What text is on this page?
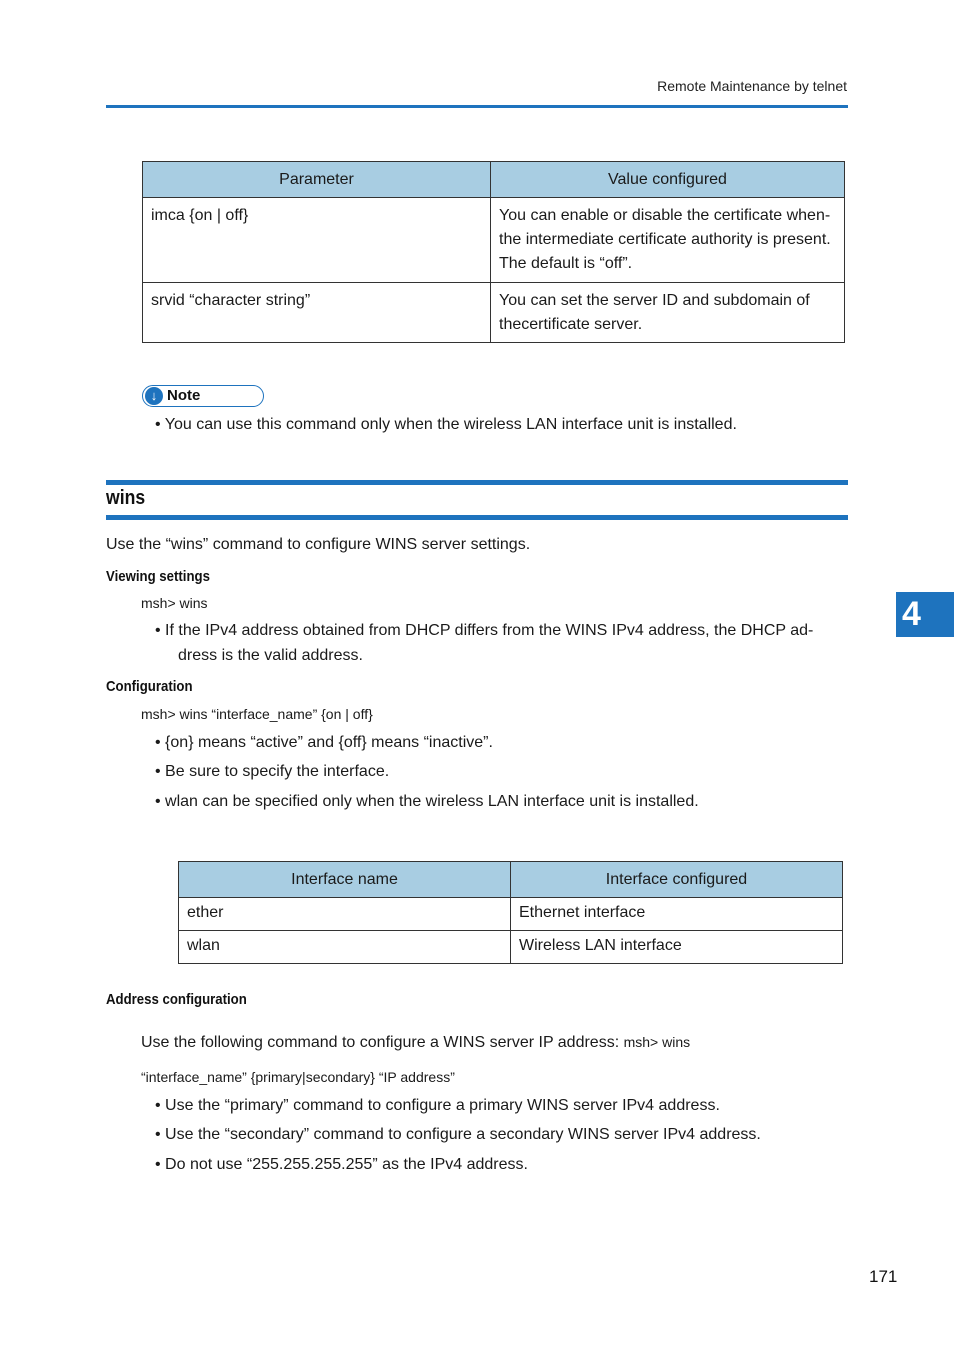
Remote Maintenance by telnet
Parameter	Value configured
imca {on | off}	You can enable or disable the certificate when-
the intermediate certificate authority is present.
The default is “off”.

srvid “character string”	You can set the server ID and subdomain of
thecertificate server.
↓ Note
• You can use this command only when the wireless LAN interface unit is installed.
wins
Use the “wins” command to configure WINS server settings.
Viewing settings
msh> wins
• If the IPv4 address obtained from DHCP differs from the WINS IPv4 address, the DHCP ad-
dress is the valid address.
Configuration
msh> wins “interface_name” {on | off}
• {on} means “active” and {off} means “inactive”.
• Be sure to specify the interface.
• wlan can be specified only when the wireless LAN interface unit is installed.
Interface name	Interface configured
ether	Ethernet interface
wlan	Wireless LAN interface
Address configuration
Use the following command to configure a WINS server IP address: msh> wins
“interface_name” {primary|secondary} “IP address”
• Use the “primary” command to configure a primary WINS server IPv4 address.
• Use the “secondary” command to configure a secondary WINS server IPv4 address.
• Do not use “255.255.255.255” as the IPv4 address.
4
171
